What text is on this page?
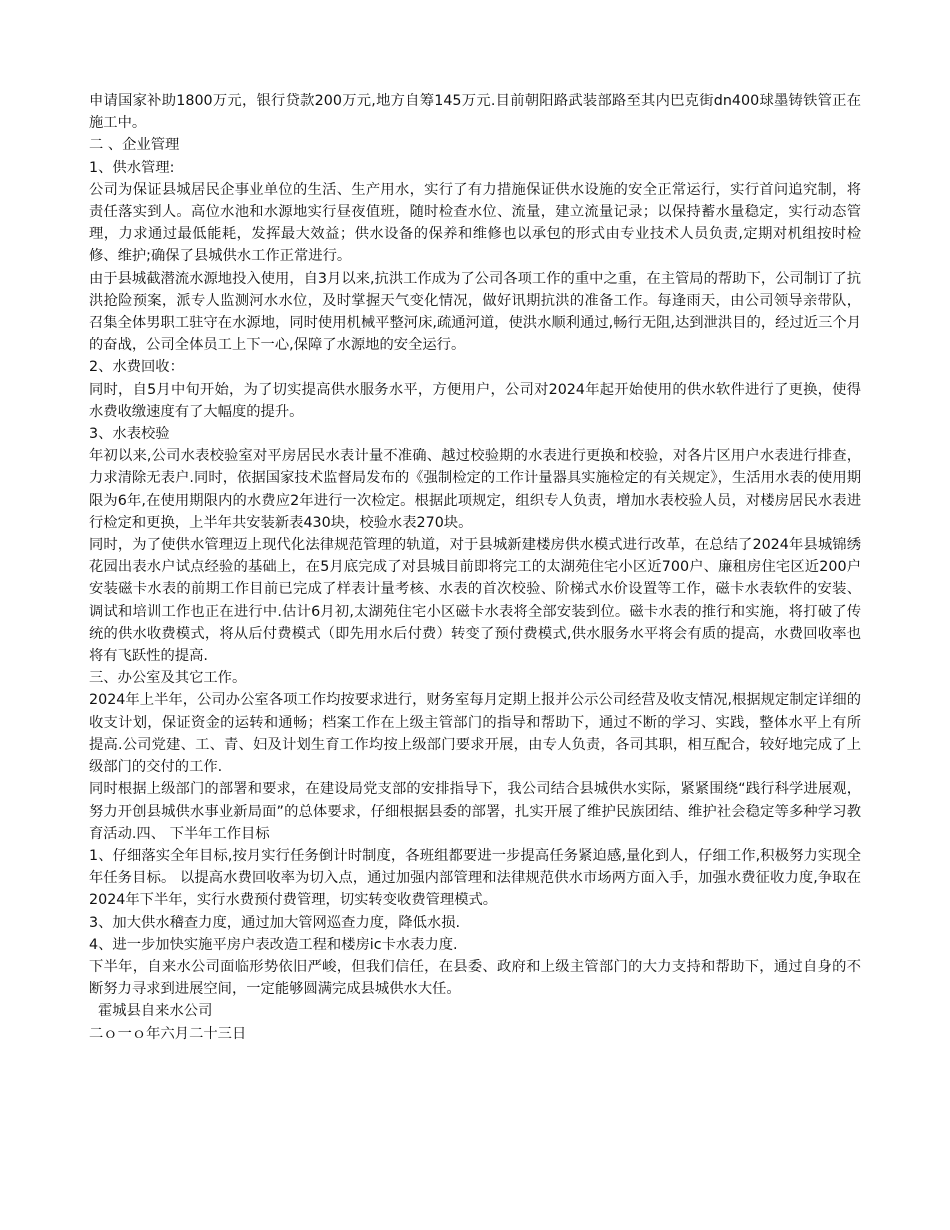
申请国家补助1800万元，银行贷款200万元,地方自筹145万元.目前朝阳路武装部路至其内巴克街dn400球墨铸铁管正在施工中。

二 、企业管理

1、供水管理:

公司为保证县城居民企事业单位的生活、生产用水，实行了有力措施保证供水设施的安全正常运行，实行首问追究制，将责任落实到人。高位水池和水源地实行昼夜值班，随时检查水位、流量，建立流量记录；以保持蓄水量稳定，实行动态管理，力求通过最低能耗，发挥最大效益；供水设备的保养和维修也以承包的形式由专业技术人员负责,定期对机组按时检修、维护;确保了县城供水工作正常进行。

由于县城截潜流水源地投入使用，自3月以来,抗洪工作成为了公司各项工作的重中之重，在主管局的帮助下，公司制订了抗洪抢险预案，派专人监测河水水位，及时掌握天气变化情况，做好讯期抗洪的准备工作。每逢雨天，由公司领导亲带队，召集全体男职工驻守在水源地，同时使用机械平整河床,疏通河道，使洪水顺利通过,畅行无阻,达到泄洪目的，经过近三个月的奋战，公司全体员工上下一心,保障了水源地的安全运行。

2、水费回收：

同时，自5月中旬开始，为了切实提高供水服务水平，方便用户，公司对2024年起开始使用的供水软件进行了更换，使得水费收缴速度有了大幅度的提升。

3、水表校验

年初以来,公司水表校验室对平房居民水表计量不准确、越过校验期的水表进行更换和校验，对各片区用户水表进行排查，力求清除无表户.同时，依据国家技术监督局发布的《强制检定的工作计量器具实施检定的有关规定》，生活用水表的使用期限为6年,在使用期限内的水费应2年进行一次检定。根据此项规定，组织专人负责，增加水表校验人员，对楼房居民水表进行检定和更换，上半年共安装新表430块，校验水表270块。

同时，为了使供水管理迈上现代化法律规范管理的轨道，对于县城新建楼房供水模式进行改革，在总结了2024年县城锦绣花园出表水户试点经验的基础上，在5月底完成了对县城目前即将完工的太湖苑住宅小区近700户、廉租房住宅区近200户安装磁卡水表的前期工作目前已完成了样表计量考核、水表的首次校验、阶梯式水价设置等工作，磁卡水表软件的安装、调试和培训工作也正在进行中.估计6月初,太湖苑住宅小区磁卡水表将全部安装到位。磁卡水表的推行和实施，将打破了传统的供水收费模式，将从后付费模式（即先用水后付费）转变了预付费模式,供水服务水平将会有质的提高，水费回收率也将有飞跃性的提高.

三、办公室及其它工作。

2024年上半年，公司办公室各项工作均按要求进行，财务室每月定期上报并公示公司经营及收支情况,根据规定制定详细的收支计划，保证资金的运转和通畅；档案工作在上级主管部门的指导和帮助下，通过不断的学习、实践，整体水平上有所提高.公司党建、工、青、妇及计划生育工作均按上级部门要求开展，由专人负责，各司其职，相互配合，较好地完成了上级部门的交付的工作.

同时根据上级部门的部署和要求，在建设局党支部的安排指导下，我公司结合县城供水实际，紧紧围绕“践行科学进展观，努力开创县城供水事业新局面”的总体要求，仔细根据县委的部署，扎实开展了维护民族团结、维护社会稳定等多种学习教育活动.四、 下半年工作目标

1、仔细落实全年目标,按月实行任务倒计时制度，各班组都要进一步提高任务紧迫感,量化到人，仔细工作,积极努力实现全年任务目标。 以提高水费回收率为切入点，通过加强内部管理和法律规范供水市场两方面入手，加强水费征收力度,争取在2024年下半年，实行水费预付费管理，切实转变收费管理模式。

3、加大供水稽查力度，通过加大管网巡查力度，降低水损.

4、进一步加快实施平房户表改造工程和楼房ic卡水表力度.

下半年，自来水公司面临形势依旧严峻，但我们信任，在县委、政府和上级主管部门的大力支持和帮助下，通过自身的不断努力寻求到进展空间，一定能够圆满完成县城供水大任。

霍城县自来水公司

二ｏ一ｏ年六月二十三日
